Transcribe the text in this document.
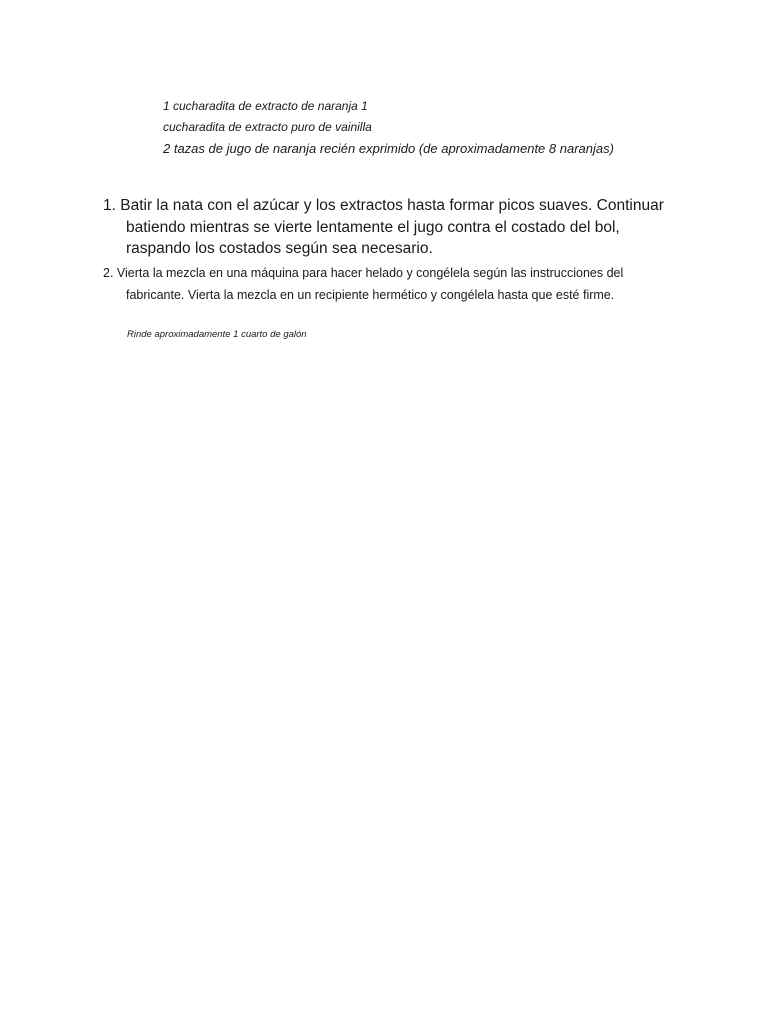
1 cucharadita de extracto de naranja 1
cucharadita de extracto puro de vainilla
2 tazas de jugo de naranja recién exprimido (de aproximadamente 8 naranjas)
1. Batir la nata con el azúcar y los extractos hasta formar picos suaves. Continuar batiendo mientras se vierte lentamente el jugo contra el costado del bol, raspando los costados según sea necesario.
2. Vierta la mezcla en una máquina para hacer helado y congélela según las instrucciones del fabricante. Vierta la mezcla en un recipiente hermético y congélela hasta que esté firme.
Rinde aproximadamente 1 cuarto de galón
